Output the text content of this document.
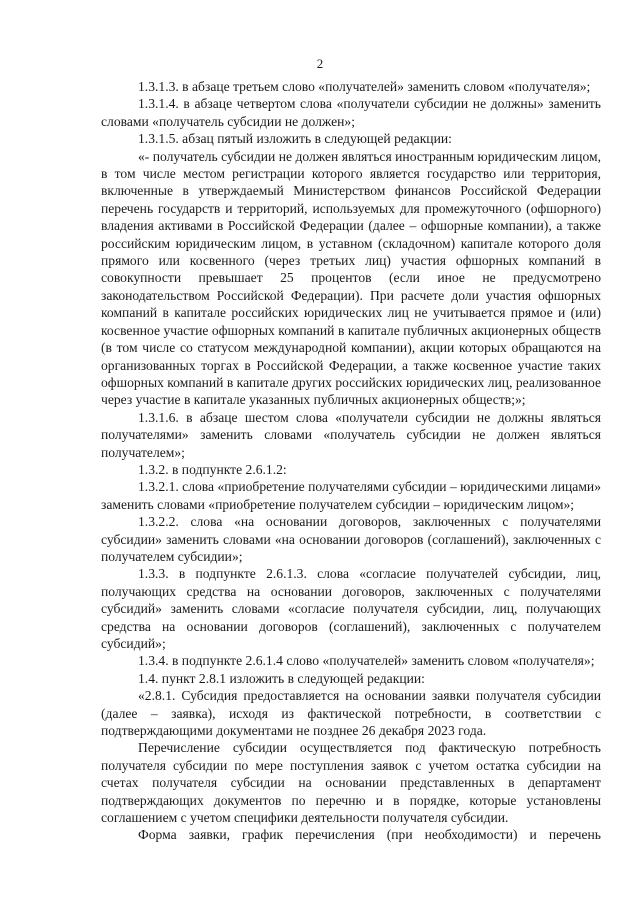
2

1.3.1.3. в абзаце третьем слово «получателей» заменить словом «получателя»;

1.3.1.4. в абзаце четвертом слова «получатели субсидии не должны» заменить словами «получатель субсидии не должен»;

1.3.1.5. абзац пятый изложить в следующей редакции:

«- получатель субсидии не должен являться иностранным юридическим лицом, в том числе местом регистрации которого является государство или территория, включенные в утверждаемый Министерством финансов Российской Федерации перечень государств и территорий, используемых для промежуточного (офшорного) владения активами в Российской Федерации (далее – офшорные компании), а также российским юридическим лицом, в уставном (складочном) капитале которого доля прямого или косвенного (через третьих лиц) участия офшорных компаний в совокупности превышает 25 процентов (если иное не предусмотрено законодательством Российской Федерации). При расчете доли участия офшорных компаний в капитале российских юридических лиц не учитывается прямое и (или) косвенное участие офшорных компаний в капитале публичных акционерных обществ (в том числе со статусом международной компании), акции которых обращаются на организованных торгах в Российской Федерации, а также косвенное участие таких офшорных компаний в капитале других российских юридических лиц, реализованное через участие в капитале указанных публичных акционерных обществ;»;

1.3.1.6. в абзаце шестом слова «получатели субсидии не должны являться получателями» заменить словами «получатель субсидии не должен являться получателем»;

1.3.2. в подпункте 2.6.1.2:

1.3.2.1. слова «приобретение получателями субсидии – юридическими лицами» заменить словами «приобретение получателем субсидии – юридическим лицом»;

1.3.2.2. слова «на основании договоров, заключенных с получателями субсидии» заменить словами «на основании договоров (соглашений), заключенных с получателем субсидии»;

1.3.3. в подпункте 2.6.1.3. слова «согласие получателей субсидии, лиц, получающих средства на основании договоров, заключенных с получателями субсидий» заменить словами «согласие получателя субсидии, лиц, получающих средства на основании договоров (соглашений), заключенных с получателем субсидий»;

1.3.4. в подпункте 2.6.1.4 слово «получателей» заменить словом «получателя»;

1.4. пункт 2.8.1 изложить в следующей редакции:

«2.8.1. Субсидия предоставляется на основании заявки получателя субсидии (далее – заявка), исходя из фактической потребности, в соответствии с подтверждающими документами не позднее 26 декабря 2023 года.

Перечисление субсидии осуществляется под фактическую потребность получателя субсидии по мере поступления заявок с учетом остатка субсидии на счетах получателя субсидии на основании представленных в департамент подтверждающих документов по перечню и в порядке, которые установлены соглашением с учетом специфики деятельности получателя субсидии.

Форма заявки, график перечисления (при необходимости) и перечень
